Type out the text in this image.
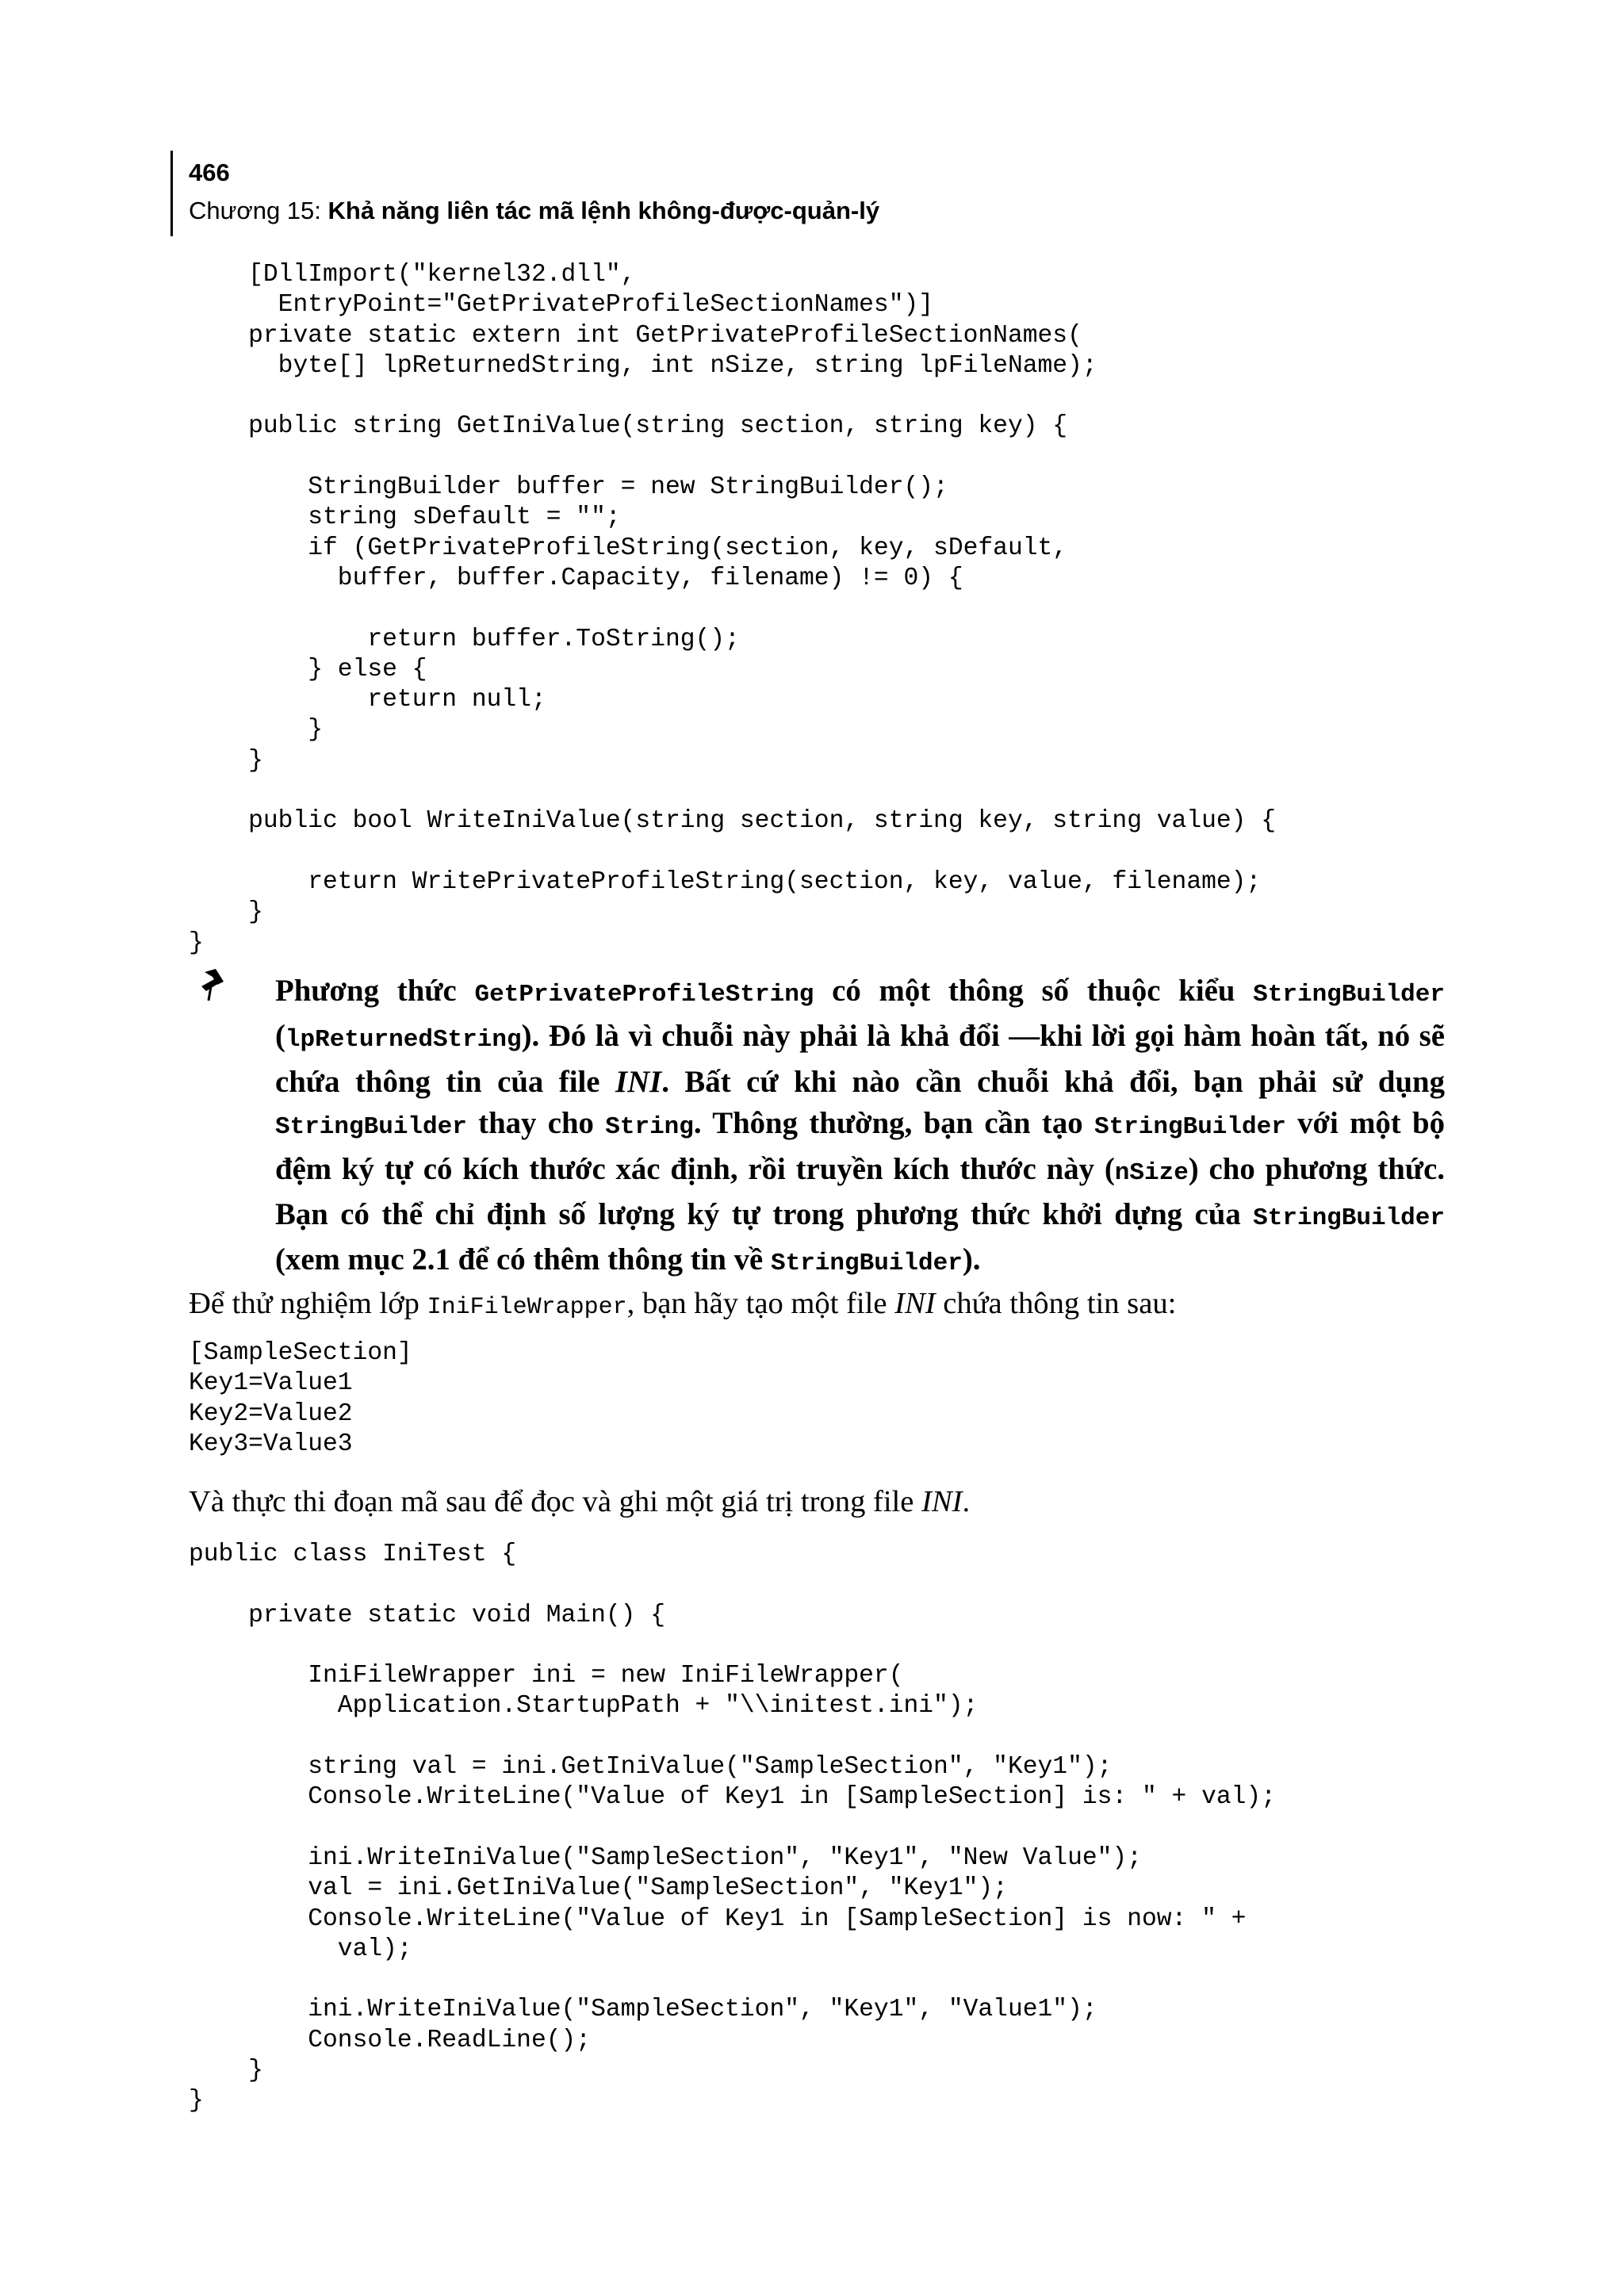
466
Chương 15: Khả năng liên tác mã lệnh không-được-quản-lý
[DllImport("kernel32.dll",
EntryPoint="GetPrivateProfileSectionNames")]
private static extern int GetPrivateProfileSectionNames(
byte[] lpReturnedString, int nSize, string lpFileName);

public string GetIniValue(string section, string key) {

StringBuilder buffer = new StringBuilder();
string sDefault = "";
if (GetPrivateProfileString(section, key, sDefault,
buffer, buffer.Capacity, filename) != 0) {

return buffer.ToString();
} else {
return null;
}
}

public bool WriteIniValue(string section, string key, string value) {

return WritePrivateProfileString(section, key, value, filename);
}
}
Phương thức GetPrivateProfileString có một thông số thuộc kiểu StringBuilder (lpReturnedString). Đó là vì chuỗi này phải là khả đổi —khi lời gọi hàm hoàn tất, nó sẽ chứa thông tin của file INI. Bất cứ khi nào cần chuỗi khả đổi, bạn phải sử dụng StringBuilder thay cho String. Thông thường, bạn cần tạo StringBuilder với một bộ đệm ký tự có kích thước xác định, rồi truyền kích thước này (nSize) cho phương thức. Bạn có thể chỉ định số lượng ký tự trong phương thức khởi dựng của StringBuilder (xem mục 2.1 để có thêm thông tin về StringBuilder).
Để thử nghiệm lớp IniFileWrapper, bạn hãy tạo một file INI chứa thông tin sau:
[SampleSection]
Key1=Value1
Key2=Value2
Key3=Value3
Và thực thi đoạn mã sau để đọc và ghi một giá trị trong file INI.
public class IniTest {

private static void Main() {

IniFileWrapper ini = new IniFileWrapper(
Application.StartupPath + "\\initest.ini");

string val = ini.GetIniValue("SampleSection", "Key1");
Console.WriteLine("Value of Key1 in [SampleSection] is: " + val);

ini.WriteIniValue("SampleSection", "Key1", "New Value");
val = ini.GetIniValue("SampleSection", "Key1");
Console.WriteLine("Value of Key1 in [SampleSection] is now: " +
val);

ini.WriteIniValue("SampleSection", "Key1", "Value1");
Console.ReadLine();
}
}
